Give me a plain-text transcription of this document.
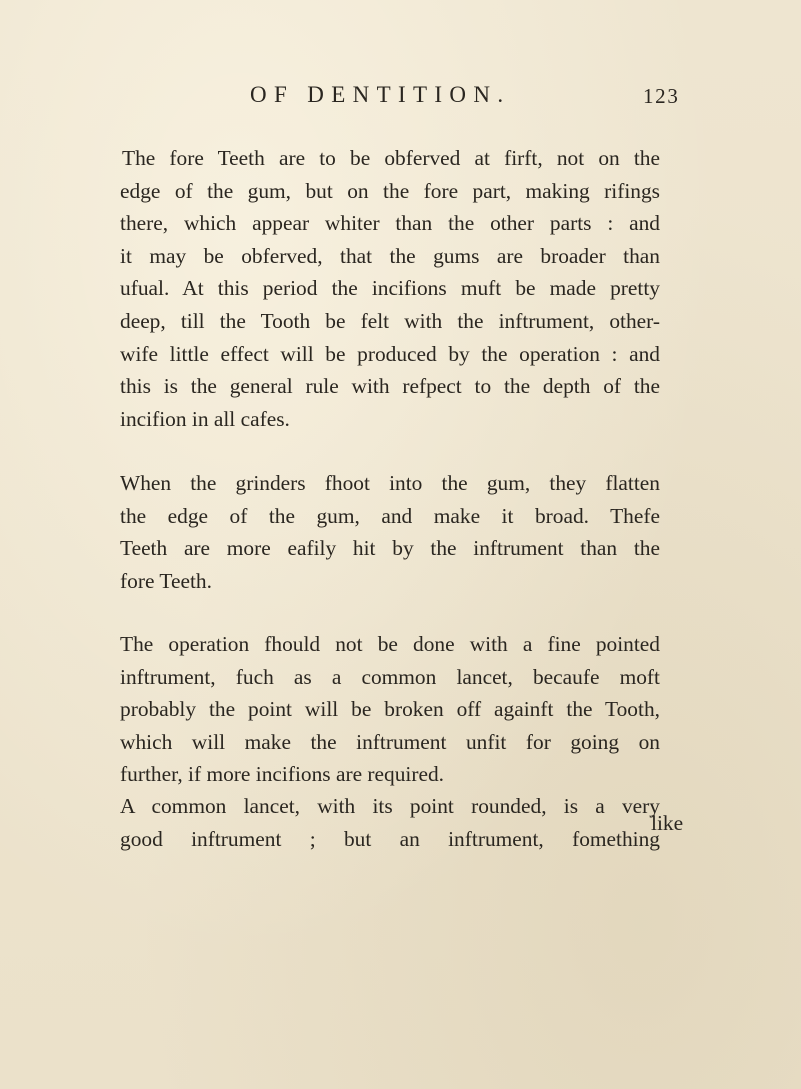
OF DENTITION.	123
The fore Teeth are to be obferved at firft, not on the
edge of the gum, but on the fore part, making rifings
there, which appear whiter than the other parts : and
it may be obferved, that the gums are broader than
ufual. At this period the incifions muft be made pretty
deep, till the Tooth be felt with the inftrument, other-
wife little effect will be produced by the operation : and
this is the general rule with refpect to the depth of the
incifion in all cafes.
When the grinders fhoot into the gum, they flatten
the edge of the gum, and make it broad. Thefe
Teeth are more eafily hit by the inftrument than the
fore Teeth.
The operation fhould not be done with a fine pointed
inftrument, fuch as a common lancet, becaufe moft
probably the point will be broken off againft the Tooth,
which will make the inftrument unfit for going on
further, if more incifions are required.
A common lancet, with its point rounded, is a very
good inftrument ; but an inftrument, fomething
like
